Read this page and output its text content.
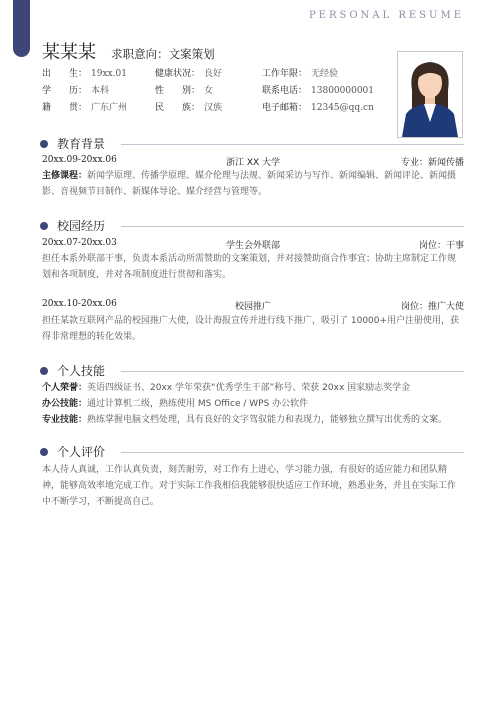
PERSONAL RESUME
某某某 求职意向：文案策划
出　　生： 19xx.01	健康状况： 良好	工作年限： 无经验
学　　历： 本科	性　　别： 女	联系电话： 13800000001
籍　　贯： 广东广州	民　　族： 汉族	电子邮箱： 12345@qq.cn
教育背景
20xx.09-20xx.06	浙江 XX 大学	专业：新闻传播
主修课程：新闻学原理、传播学原理、媒介伦理与法规、新闻采访与写作、新闻编辑、新闻评论、新闻摄影、音视频节目制作、新媒体导论、媒介经营与管理等。
校园经历
20xx.07-20xx.03	学生会外联部	岗位：干事
担任本系外联部干事，负责本系活动所需赞助的文案策划，并对接赞助商合作事宜；协助主席制定工作规划和各项制度，并对各项制度进行贯彻和落实。
20xx.10-20xx.06	校园推广	岗位：推广大使
担任某款互联网产品的校园推广大使，设计海报宣传并进行线下推广，吸引了 10000+用户注册使用，获得非常理想的转化效果。
个人技能
个人荣誉：英语四级证书、20xx 学年荣获“优秀学生干部”称号、荣获 20xx 国家励志奖学金
办公技能：通过计算机二级，熟练使用 MS Office / WPS 办公软件
专业技能：熟练掌握电脑文档处理，具有良好的文字驾驭能力和表现力，能够独立撰写出优秀的文案。
个人评价
本人待人真诚，工作认真负责，刻苦耐劳，对工作有上进心，学习能力强，有很好的适应能力和团队精神，能够高效率地完成工作。对于实际工作我相信我能够很快适应工作环境，熟悉业务，并且在实际工作中不断学习，不断提高自己。
